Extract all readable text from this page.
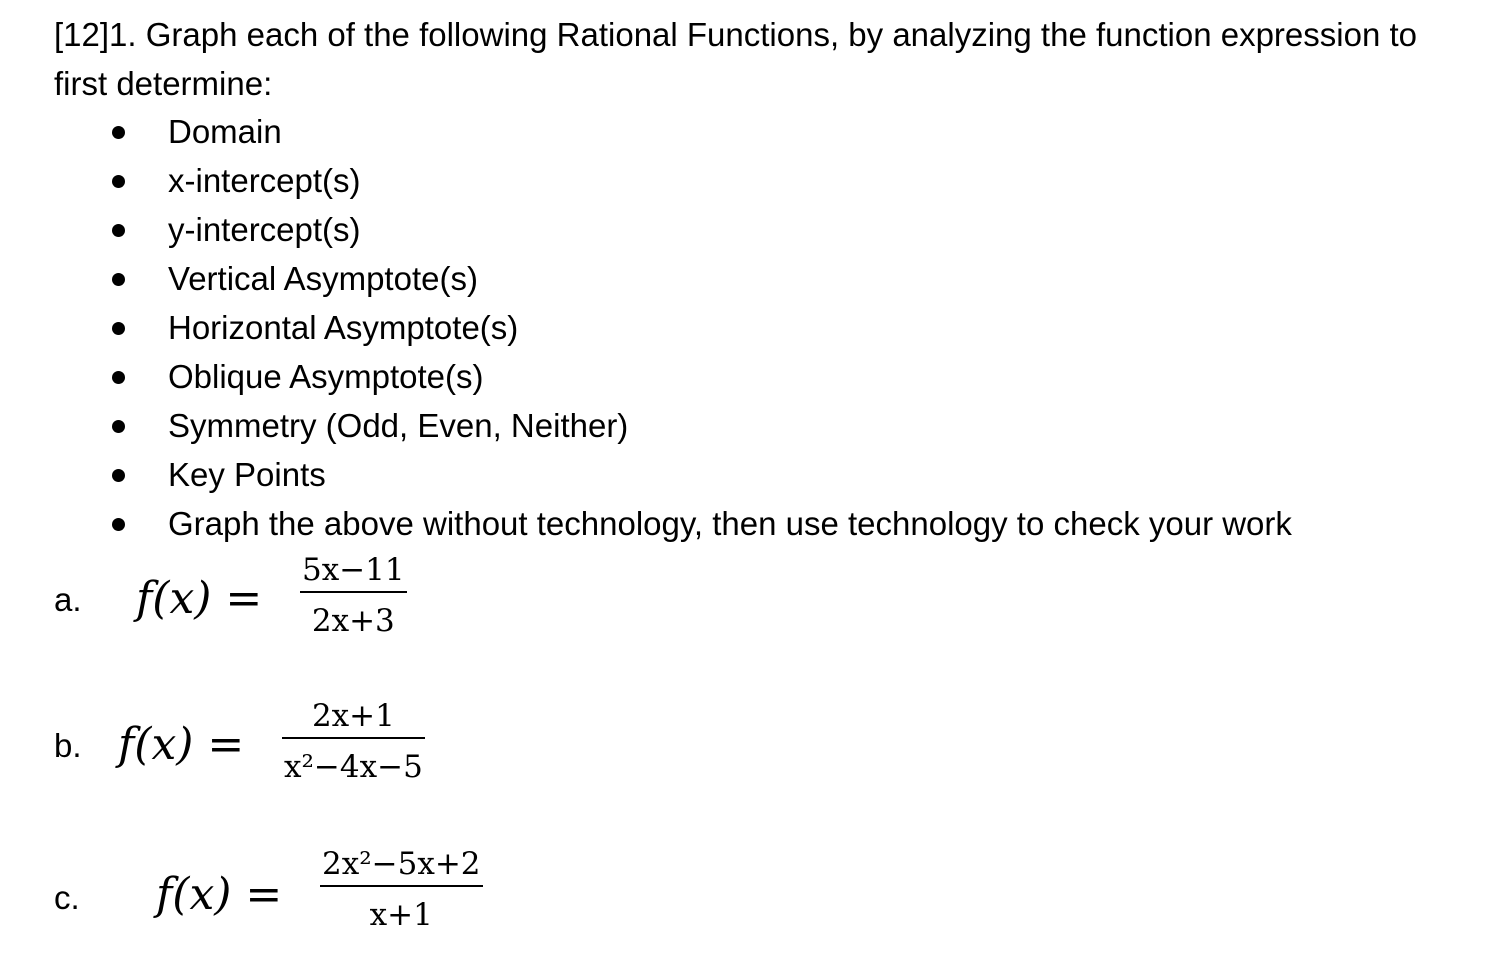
[12]1. Graph each of the following Rational Functions, by analyzing the function expression to first determine:
Domain
x-intercept(s)
y-intercept(s)
Vertical Asymptote(s)
Horizontal Asymptote(s)
Oblique Asymptote(s)
Symmetry (Odd, Even, Neither)
Key Points
Graph the above without technology, then use technology to check your work
a. f(x) =
5x−11
2x+3
b. f(x) =
2x+1
x²−4x−5
c. f(x) =
2x²−5x+2
x+1
